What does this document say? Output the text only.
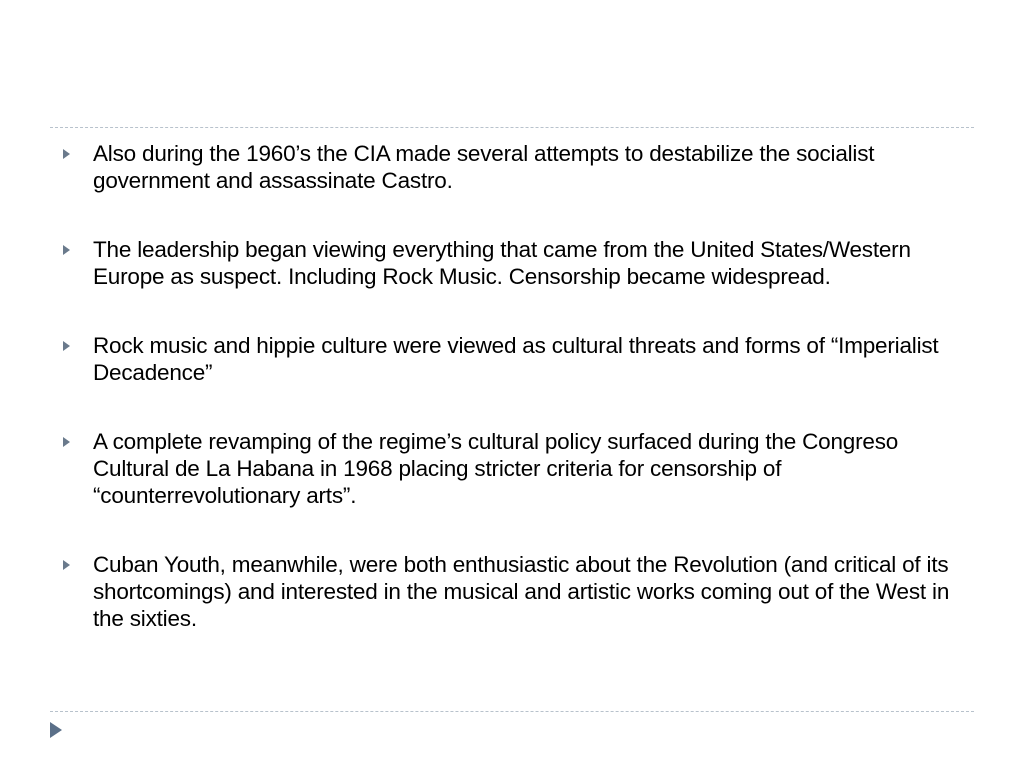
Also during the 1960’s the CIA made several attempts to destabilize the socialist government and assassinate Castro.
The leadership began viewing everything that came from the United States/Western Europe as suspect. Including Rock Music. Censorship became widespread.
Rock music and hippie culture were viewed as cultural threats and forms of “Imperialist Decadence”
A complete revamping of the regime’s cultural policy surfaced during the Congreso Cultural de La Habana in 1968 placing stricter criteria for censorship of “counterrevolutionary arts”.
Cuban Youth, meanwhile, were both enthusiastic about the Revolution (and critical of its shortcomings) and interested in the musical and artistic works coming out of the West in the sixties.
